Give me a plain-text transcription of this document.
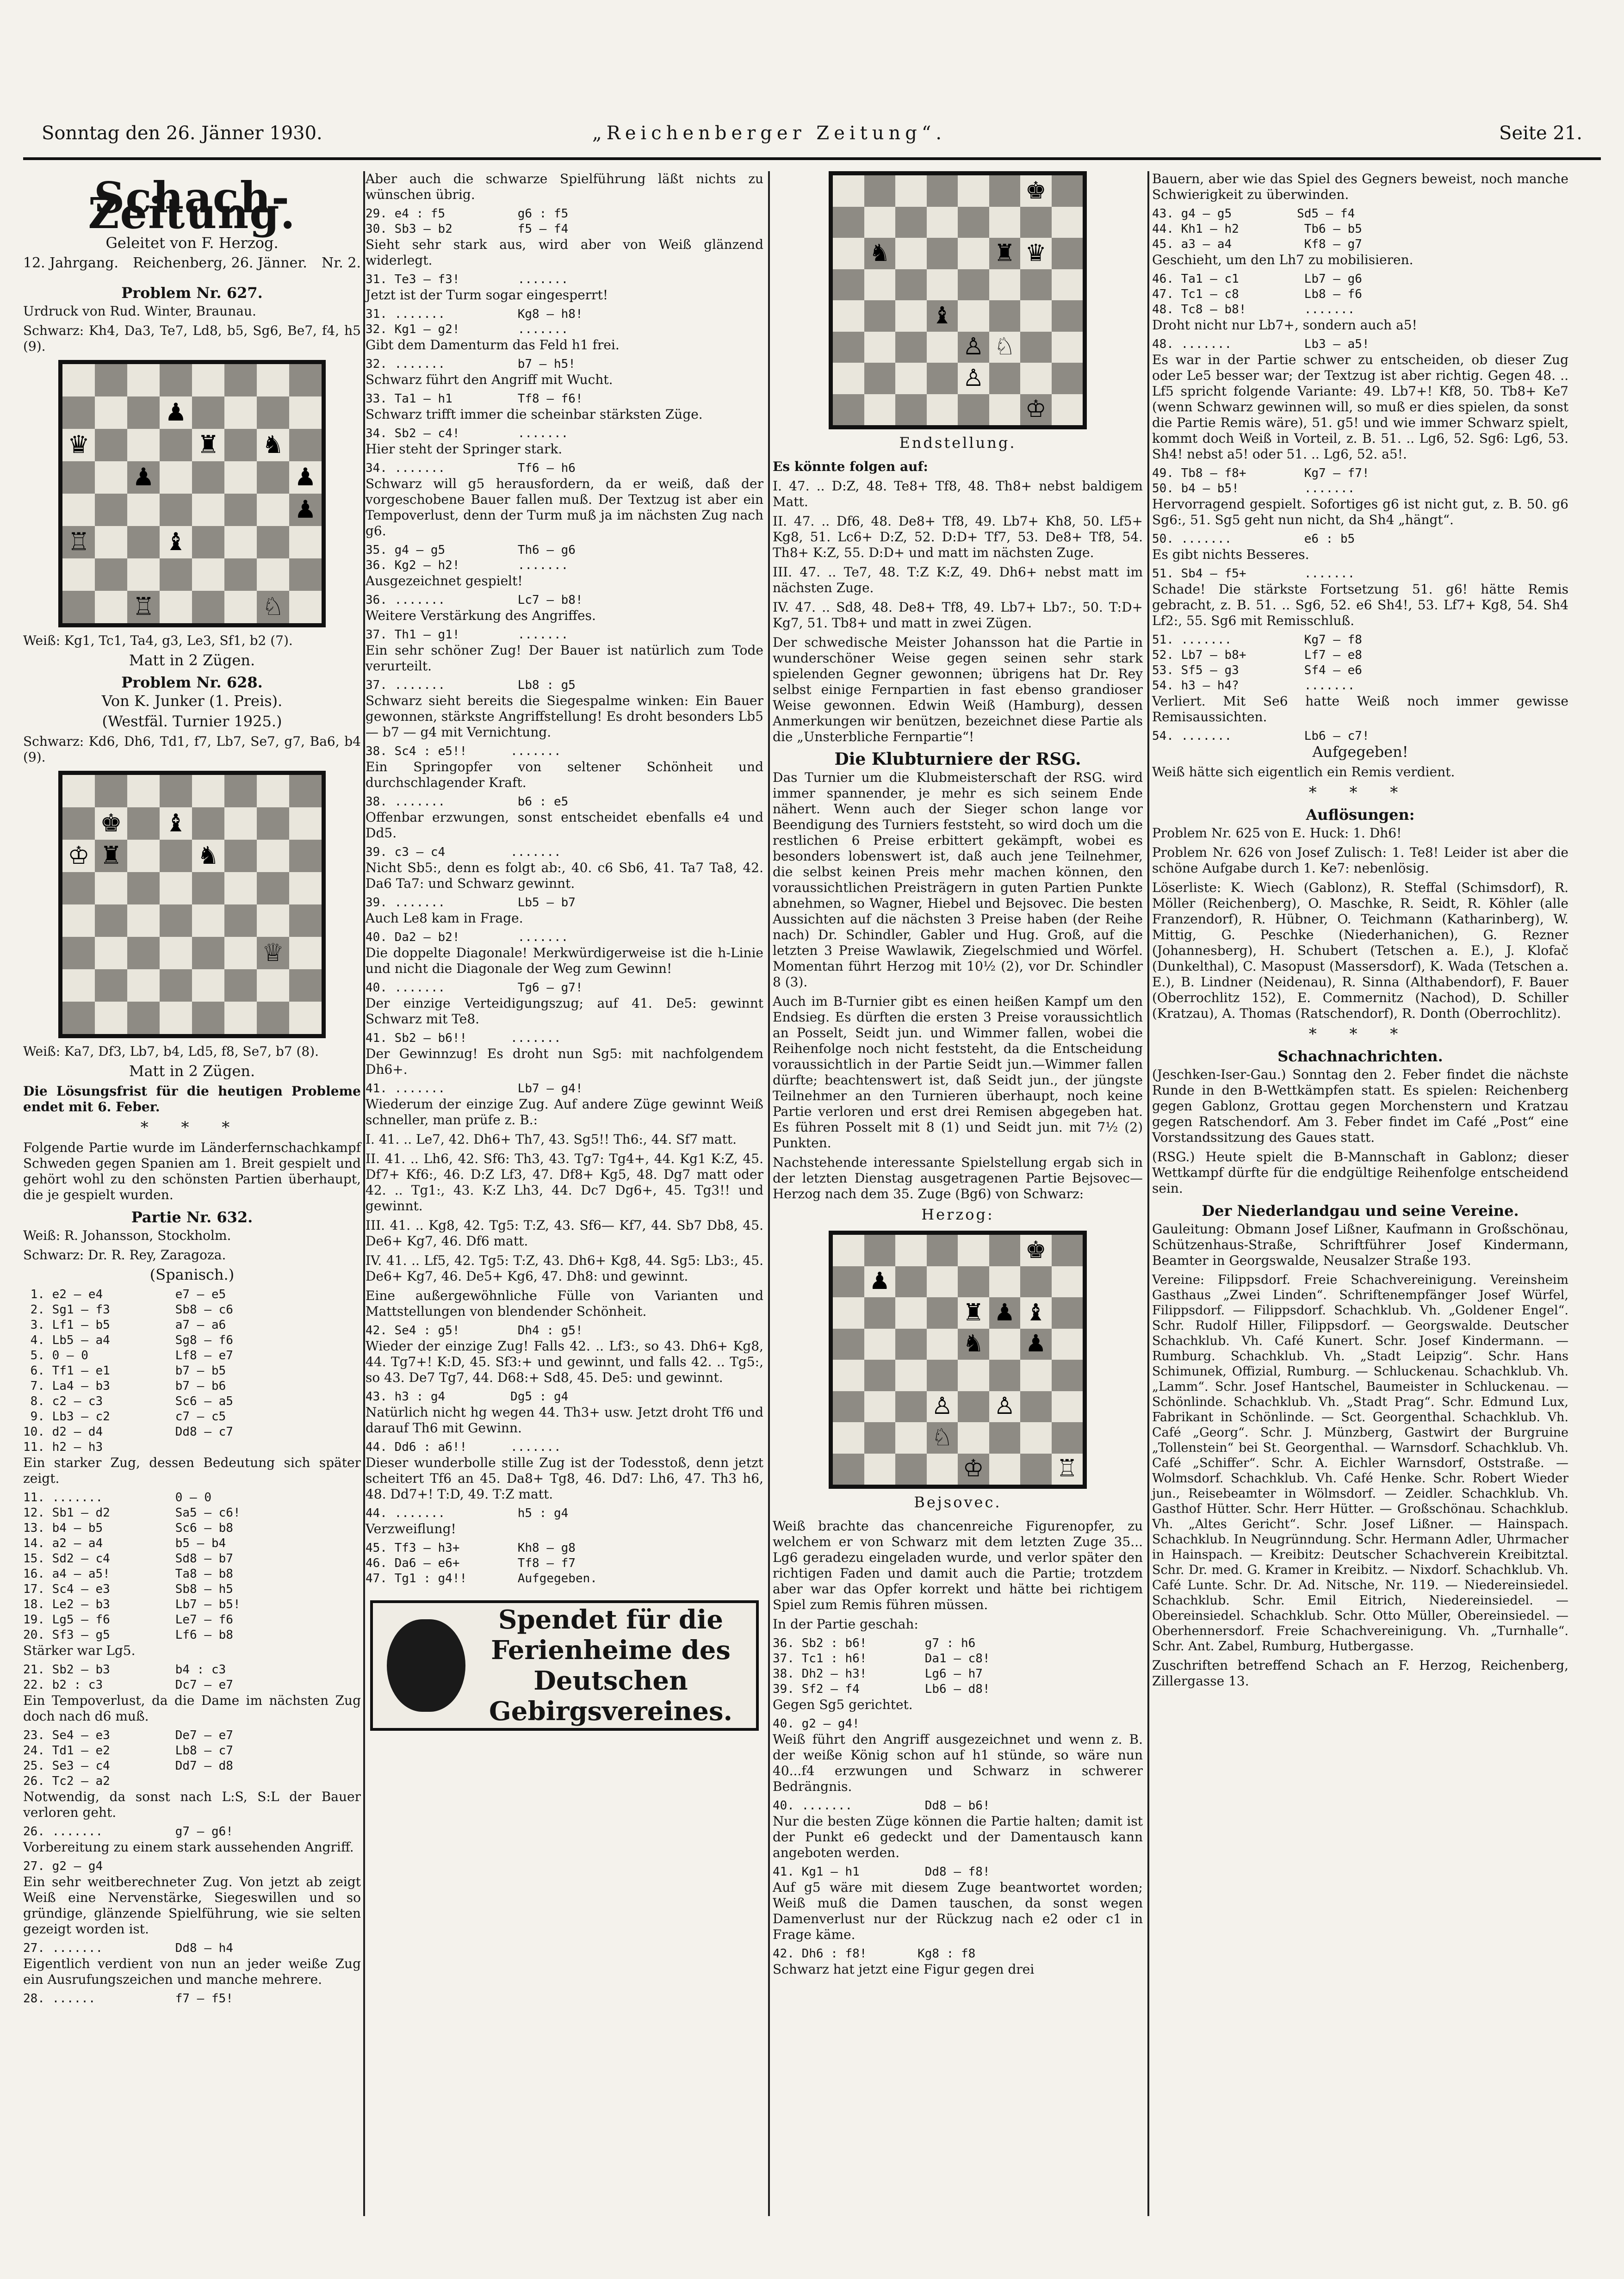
Sonntag den 26. Jänner 1930.	„Reichenberger Zeitung“.	Seite 21.
Schach-Zeitung.
Geleitet von F. Herzog.
12. Jahrgang. Reichenberg, 26. Jänner. Nr. 2.
Problem Nr. 627.
Urdruck von Rud. Winter, Braunau.
Schwarz: Kh4, Da3, Te7, Ld8, b5, Sg6, Be7, f4, h5 (9).
♟
♛	♜ ♞
♟	♟
♟
♖	♝
♖	♘
Weiß: Kg1, Tc1, Ta4, g3, Le3, Sf1, b2 (7).
Matt in 2 Zügen.
Problem Nr. 628.
Von K. Junker (1. Preis).
(Westfäl. Turnier 1925.)
Schwarz: Kd6, Dh6, Td1, f7, Lb7, Se7, g7, Ba6, b4 (9).
♚ ♝
♔ ♜	♞
♕
Weiß: Ka7, Df3, Lb7, b4, Ld5, f8, Se7, b7 (8).
Matt in 2 Zügen.
Die Lösungsfrist für die heutigen Probleme endet mit 6. Feber.
* * *
Folgende Partie wurde im Länderfernschachkampf Schweden gegen Spanien am 1. Breit gespielt und gehört wohl zu den schönsten Partien überhaupt, die je gespielt wurden.
Partie Nr. 632.
Weiß: R. Johansson, Stockholm.
Schwarz: Dr. R. Rey, Zaragoza.
(Spanisch.)
1. e2 — e4          e7 — e5
2. Sg1 — f3         Sb8 — c6
3. Lf1 — b5         a7 — a6
4. Lb5 — a4         Sg8 — f6
5. 0 — 0            Lf8 — e7
6. Tf1 — e1         b7 — b5
7. La4 — b3         b7 — b6
8. c2 — c3          Sc6 — a5
9. Lb3 — c2         c7 — c5
10. d2 — d4          Dd8 — c7
11. h2 — h3
Ein starker Zug, dessen Bedeutung sich später zeigt.
11. .......          0 — 0
12. Sb1 — d2         Sa5 — c6!
13. b4 — b5          Sc6 — b8
14. a2 — a4          b5 — b4
15. Sd2 — c4         Sd8 — b7
16. a4 — a5!         Ta8 — b8
17. Sc4 — e3         Sb8 — h5
18. Le2 — b3         Lb7 — b5!
19. Lg5 — f6         Le7 — f6
20. Sf3 — g5         Lf6 — b8
Stärker war Lg5.
21. Sb2 — b3         b4 : c3
22. b2 : c3          Dc7 — e7
Ein Tempoverlust, da die Dame im nächsten Zug doch nach d6 muß.
23. Se4 — e3         De7 — e7
24. Td1 — e2         Lb8 — c7
25. Se3 — c4         Dd7 — d8
26. Tc2 — a2
Notwendig, da sonst nach L:S, S:L der Bauer verloren geht.
26. .......          g7 — g6!
Vorbereitung zu einem stark aussehenden Angriff.
27. g2 — g4
Ein sehr weitberechneter Zug. Von jetzt ab zeigt Weiß eine Nervenstärke, Siegeswillen und so gründige, glänzende Spielführung, wie sie selten gezeigt worden ist.
27. .......          Dd8 — h4
Eigentlich verdient von nun an jeder weiße Zug ein Ausrufungszeichen und manche mehrere.
28. ......           f7 — f5!
Aber auch die schwarze Spielführung läßt nichts zu wünschen übrig.
29. e4 : f5          g6 : f5
30. Sb3 — b2         f5 — f4
Sieht sehr stark aus, wird aber von Weiß glänzend widerlegt.
31. Te3 — f3!        .......
Jetzt ist der Turm sogar eingesperrt!
31. .......          Kg8 — h8!
32. Kg1 — g2!        .......
Gibt dem Damenturm das Feld h1 frei.
32. .......          b7 — h5!
Schwarz führt den Angriff mit Wucht.
33. Ta1 — h1         Tf8 — f6!
Schwarz trifft immer die scheinbar stärksten Züge.
34. Sb2 — c4!        .......
Hier steht der Springer stark.
34. .......          Tf6 — h6
Schwarz will g5 herausfordern, da er weiß, daß der vorgeschobene Bauer fallen muß. Der Textzug ist aber ein Tempoverlust, denn der Turm muß ja im nächsten Zug nach g6.
35. g4 — g5          Th6 — g6
36. Kg2 — h2!        .......
Ausgezeichnet gespielt!
36. .......          Lc7 — b8!
Weitere Verstärkung des Angriffes.
37. Th1 — g1!        .......
Ein sehr schöner Zug! Der Bauer ist natürlich zum Tode verurteilt.
37. .......          Lb8 : g5
Schwarz sieht bereits die Siegespalme winken: Ein Bauer gewonnen, stärkste Angriffstellung! Es droht besonders Lb5 — b7 — g4 mit Vernichtung.
38. Sc4 : e5!!      .......
Ein Springopfer von seltener Schönheit und durchschlagender Kraft.
38. .......          b6 : e5
Offenbar erzwungen, sonst entscheidet ebenfalls e4 und Dd5.
39. c3 — c4         .......
Nicht Sb5:, denn es folgt ab:, 40. c6 Sb6, 41. Ta7 Ta8, 42. Da6 Ta7: und Schwarz gewinnt.
39. .......          Lb5 — b7
Auch Le8 kam in Frage.
40. Da2 — b2!        .......
Die doppelte Diagonale! Merkwürdigerweise ist die h-Linie und nicht die Diagonale der Weg zum Gewinn!
40. .......          Tg6 — g7!
Der einzige Verteidigungszug; auf 41. De5: gewinnt Schwarz mit Te8.
41. Sb2 — b6!!      .......
Der Gewinnzug! Es droht nun Sg5: mit nachfolgendem Dh6+.
41. .......          Lb7 — g4!
Wiederum der einzige Zug. Auf andere Züge gewinnt Weiß schneller, man prüfe z. B.:
I. 41. .. Le7, 42. Dh6+ Th7, 43. Sg5!! Th6:, 44. Sf7 matt.
II. 41. .. Lh6, 42. Sf6: Th3, 43. Tg7: Tg4+, 44. Kg1 K:Z, 45. Df7+ Kf6:, 46. D:Z Lf3, 47. Df8+ Kg5, 48. Dg7 matt oder 42. .. Tg1:, 43. K:Z Lh3, 44. Dc7 Dg6+, 45. Tg3!! und gewinnt.
III. 41. .. Kg8, 42. Tg5: T:Z, 43. Sf6— Kf7, 44. Sb7 Db8, 45. De6+ Kg7, 46. Df6 matt.
IV. 41. .. Lf5, 42. Tg5: T:Z, 43. Dh6+ Kg8, 44. Sg5: Lb3:, 45. De6+ Kg7, 46. De5+ Kg6, 47. Dh8: und gewinnt.
Eine außergewöhnliche Fülle von Varianten und Mattstellungen von blendender Schönheit.
42. Se4 : g5!        Dh4 : g5!
Wieder der einzige Zug! Falls 42. .. Lf3:, so 43. Dh6+ Kg8, 44. Tg7+! K:D, 45. Sf3:+ und gewinnt, und falls 42. .. Tg5:, so 43. De7 Tg7, 44. D68:+ Sd8, 45. De5: und gewinnt.
43. h3 : g4         Dg5 : g4
Natürlich nicht hg wegen 44. Th3+ usw. Jetzt droht Tf6 und darauf Th6 mit Gewinn.
44. Dd6 : a6!!      .......
Dieser wunderbolle stille Zug ist der Todesstoß, denn jetzt scheitert Tf6 an 45. Da8+ Tg8, 46. Dd7: Lh6, 47. Th3 h6, 48. Dd7+! T:D, 49. T:Z matt.
44. .......          h5 : g4
Verzweiflung!
45. Tf3 — h3+        Kh8 — g8
46. Da6 — e6+        Tf8 — f7
47. Tg1 : g4!!       Aufgegeben.
Spendet für die Ferienheime des Deutschen Gebirgsvereines.
♚
♞	♜ ♛
♝
♙ ♘
♙
♔
Endstellung.
Es könnte folgen auf:
I. 47. .. D:Z, 48. Te8+ Tf8, 48. Th8+ nebst baldigem Matt.
II. 47. .. Df6, 48. De8+ Tf8, 49. Lb7+ Kh8, 50. Lf5+ Kg8, 51. Lc6+ D:Z, 52. D:D+ Tf7, 53. De8+ Tf8, 54. Th8+ K:Z, 55. D:D+ und matt im nächsten Zuge.
III. 47. .. Te7, 48. T:Z K:Z, 49. Dh6+ nebst matt im nächsten Zuge.
IV. 47. .. Sd8, 48. De8+ Tf8, 49. Lb7+ Lb7:, 50. T:D+ Kg7, 51. Tb8+ und matt in zwei Zügen.
Der schwedische Meister Johansson hat die Partie in wunderschöner Weise gegen seinen sehr stark spielenden Gegner gewonnen; übrigens hat Dr. Rey selbst einige Fernpartien in fast ebenso grandioser Weise gewonnen. Edwin Weiß (Hamburg), dessen Anmerkungen wir benützen, bezeichnet diese Partie als die „Unsterbliche Fernpartie“!
Die Klubturniere der RSG.
Das Turnier um die Klubmeisterschaft der RSG. wird immer spannender, je mehr es sich seinem Ende nähert. Wenn auch der Sieger schon lange vor Beendigung des Turniers feststeht, so wird doch um die restlichen 6 Preise erbittert gekämpft, wobei es besonders lobenswert ist, daß auch jene Teilnehmer, die selbst keinen Preis mehr machen können, den voraussichtlichen Preisträgern in guten Partien Punkte abnehmen, so Wagner, Hiebel und Bejsovec. Die besten Aussichten auf die nächsten 3 Preise haben (der Reihe nach) Dr. Schindler, Gabler und Hug. Groß, auf die letzten 3 Preise Wawlawik, Ziegelschmied und Wörfel. Momentan führt Herzog mit 10½ (2), vor Dr. Schindler 8 (3).
Auch im B-Turnier gibt es einen heißen Kampf um den Endsieg. Es dürften die ersten 3 Preise voraussichtlich an Posselt, Seidt jun. und Wimmer fallen, wobei die Reihenfolge noch nicht feststeht, da die Entscheidung voraussichtlich in der Partie Seidt jun.—Wimmer fallen dürfte; beachtenswert ist, daß Seidt jun., der jüngste Teilnehmer an den Turnieren überhaupt, noch keine Partie verloren und erst drei Remisen abgegeben hat. Es führen Posselt mit 8 (1) und Seidt jun. mit 7½ (2) Punkten.
Nachstehende interessante Spielstellung ergab sich in der letzten Dienstag ausgetragenen Partie Bejsovec—Herzog nach dem 35. Zuge (Bg6) von Schwarz:
Herzog:
♚
♟
♜ ♟ ♝
♞ ♟
♙ ♙
♘
♔	♖
Bejsovec.
Weiß brachte das chancenreiche Figurenopfer, zu welchem er von Schwarz mit dem letzten Zuge 35... Lg6 geradezu eingeladen wurde, und verlor später den richtigen Faden und damit auch die Partie; trotzdem aber war das Opfer korrekt und hätte bei richtigem Spiel zum Remis führen müssen.
In der Partie geschah:
36. Sb2 : b6!        g7 : h6
37. Tc1 : h6!        Da1 — c8!
38. Dh2 — h3!        Lg6 — h7
39. Sf2 — f4         Lb6 — d8!
Gegen Sg5 gerichtet.
40. g2 — g4!
Weiß führt den Angriff ausgezeichnet und wenn z. B. der weiße König schon auf h1 stünde, so wäre nun 40...f4 erzwungen und Schwarz in schwerer Bedrängnis.
40. .......          Dd8 — b6!
Nur die besten Züge können die Partie halten; damit ist der Punkt e6 gedeckt und der Damentausch kann angeboten werden.
41. Kg1 — h1         Dd8 — f8!
Auf g5 wäre mit diesem Zuge beantwortet worden; Weiß muß die Damen tauschen, da sonst wegen Damenverlust nur der Rückzug nach e2 oder c1 in Frage käme.
42. Dh6 : f8!       Kg8 : f8
Schwarz hat jetzt eine Figur gegen drei
Bauern, aber wie das Spiel des Gegners beweist, noch manche Schwierigkeit zu überwinden.
43. g4 — g5         Sd5 — f4
44. Kh1 — h2         Tb6 — b5
45. a3 — a4          Kf8 — g7
Geschieht, um den Lh7 zu mobilisieren.
46. Ta1 — c1         Lb7 — g6
47. Tc1 — c8         Lb8 — f6
48. Tc8 — b8!        .......
Droht nicht nur Lb7+, sondern auch a5!
48. .......          Lb3 — a5!
Es war in der Partie schwer zu entscheiden, ob dieser Zug oder Le5 besser war; der Textzug ist aber richtig. Gegen 48. .. Lf5 spricht folgende Variante: 49. Lb7+! Kf8, 50. Tb8+ Ke7 (wenn Schwarz gewinnen will, so muß er dies spielen, da sonst die Partie Remis wäre), 51. g5! und wie immer Schwarz spielt, kommt doch Weiß in Vorteil, z. B. 51. .. Lg6, 52. Sg6: Lg6, 53. Sh4! nebst a5! oder 51. .. Lg6, 52. a5!.
49. Tb8 — f8+        Kg7 — f7!
50. b4 — b5!         .......
Hervorragend gespielt. Sofortiges g6 ist nicht gut, z. B. 50. g6 Sg6:, 51. Sg5 geht nun nicht, da Sh4 „hängt“.
50. .......          e6 : b5
Es gibt nichts Besseres.
51. Sb4 — f5+        .......
Schade! Die stärkste Fortsetzung 51. g6! hätte Remis gebracht, z. B. 51. .. Sg6, 52. e6 Sh4!, 53. Lf7+ Kg8, 54. Sh4 Lf2:, 55. Sg6 mit Remisschluß.
51. .......          Kg7 — f8
52. Lb7 — b8+        Lf7 — e8
53. Sf5 — g3         Sf4 — e6
54. h3 — h4?         .......
Verliert. Mit Se6 hatte Weiß noch immer gewisse Remisaussichten.
54. .......          Lb6 — c7!
Aufgegeben!
Weiß hätte sich eigentlich ein Remis verdient.
* * *
Auflösungen:
Problem Nr. 625 von E. Huck: 1. Dh6!
Problem Nr. 626 von Josef Zulisch: 1. Te8! Leider ist aber die schöne Aufgabe durch 1. Ke7: nebenlösig.
Löserliste: K. Wiech (Gablonz), R. Steffal (Schimsdorf), R. Möller (Reichenberg), O. Maschke, R. Seidt, R. Köhler (alle Franzendorf), R. Hübner, O. Teichmann (Katharinberg), W. Mittig, G. Peschke (Niederhanichen), G. Rezner (Johannesberg), H. Schubert (Tetschen a. E.), J. Klofač (Dunkelthal), C. Masopust (Massersdorf), K. Wada (Tetschen a. E.), B. Lindner (Neidenau), R. Sinna (Althabendorf), F. Bauer (Oberrochlitz 152), E. Commernitz (Nachod), D. Schiller (Kratzau), A. Thomas (Ratschendorf), R. Donth (Oberrochlitz).
* * *
Schachnachrichten.
(Jeschken-Iser-Gau.) Sonntag den 2. Feber findet die nächste Runde in den B-Wettkämpfen statt. Es spielen: Reichenberg gegen Gablonz, Grottau gegen Morchenstern und Kratzau gegen Ratschendorf. Am 3. Feber findet im Café „Post“ eine Vorstandssitzung des Gaues statt.
(RSG.) Heute spielt die B-Mannschaft in Gablonz; dieser Wettkampf dürfte für die endgültige Reihenfolge entscheidend sein.
Der Niederlandgau und seine Vereine.
Gauleitung: Obmann Josef Lißner, Kaufmann in Großschönau, Schützenhaus-Straße, Schriftführer Josef Kindermann, Beamter in Georgswalde, Neusalzer Straße 193.
Vereine: Filippsdorf. Freie Schachvereinigung. Vereinsheim Gasthaus „Zwei Linden“. Schriftenempfänger Josef Würfel, Filippsdorf. — Filippsdorf. Schachklub. Vh. „Goldener Engel“. Schr. Rudolf Hiller, Filippsdorf. — Georgswalde. Deutscher Schachklub. Vh. Café Kunert. Schr. Josef Kindermann. — Rumburg. Schachklub. Vh. „Stadt Leipzig“. Schr. Hans Schimunek, Offizial, Rumburg. — Schluckenau. Schachklub. Vh. „Lamm“. Schr. Josef Hantschel, Baumeister in Schluckenau. — Schönlinde. Schachklub. Vh. „Stadt Prag“. Schr. Edmund Lux, Fabrikant in Schönlinde. — Sct. Georgenthal. Schachklub. Vh. Café „Georg“. Schr. J. Münzberg, Gastwirt der Burgruine „Tollenstein“ bei St. Georgenthal. — Warnsdorf. Schachklub. Vh. Café „Schiffer“. Schr. A. Eichler Warnsdorf, Oststraße. — Wolmsdorf. Schachklub. Vh. Café Henke. Schr. Robert Wieder jun., Reisebeamter in Wölmsdorf. — Zeidler. Schachklub. Vh. Gasthof Hütter. Schr. Herr Hütter. — Großschönau. Schachklub. Vh. „Altes Gericht“. Schr. Josef Lißner. — Hainspach. Schachklub. In Neugrünndung. Schr. Hermann Adler, Uhrmacher in Hainspach. — Kreibitz: Deutscher Schachverein Kreibitztal. Schr. Dr. med. G. Kramer in Kreibitz. — Nixdorf. Schachklub. Vh. Café Lunte. Schr. Dr. Ad. Nitsche, Nr. 119. — Niedereinsiedel. Schachklub. Schr. Emil Eitrich, Niedereinsiedel. — Obereinsiedel. Schachklub. Schr. Otto Müller, Obereinsiedel. — Oberhennersdorf. Freie Schachvereinigung. Vh. „Turnhalle“. Schr. Ant. Zabel, Rumburg, Hutbergasse.
Zuschriften betreffend Schach an F. Herzog, Reichenberg, Zillergasse 13.
